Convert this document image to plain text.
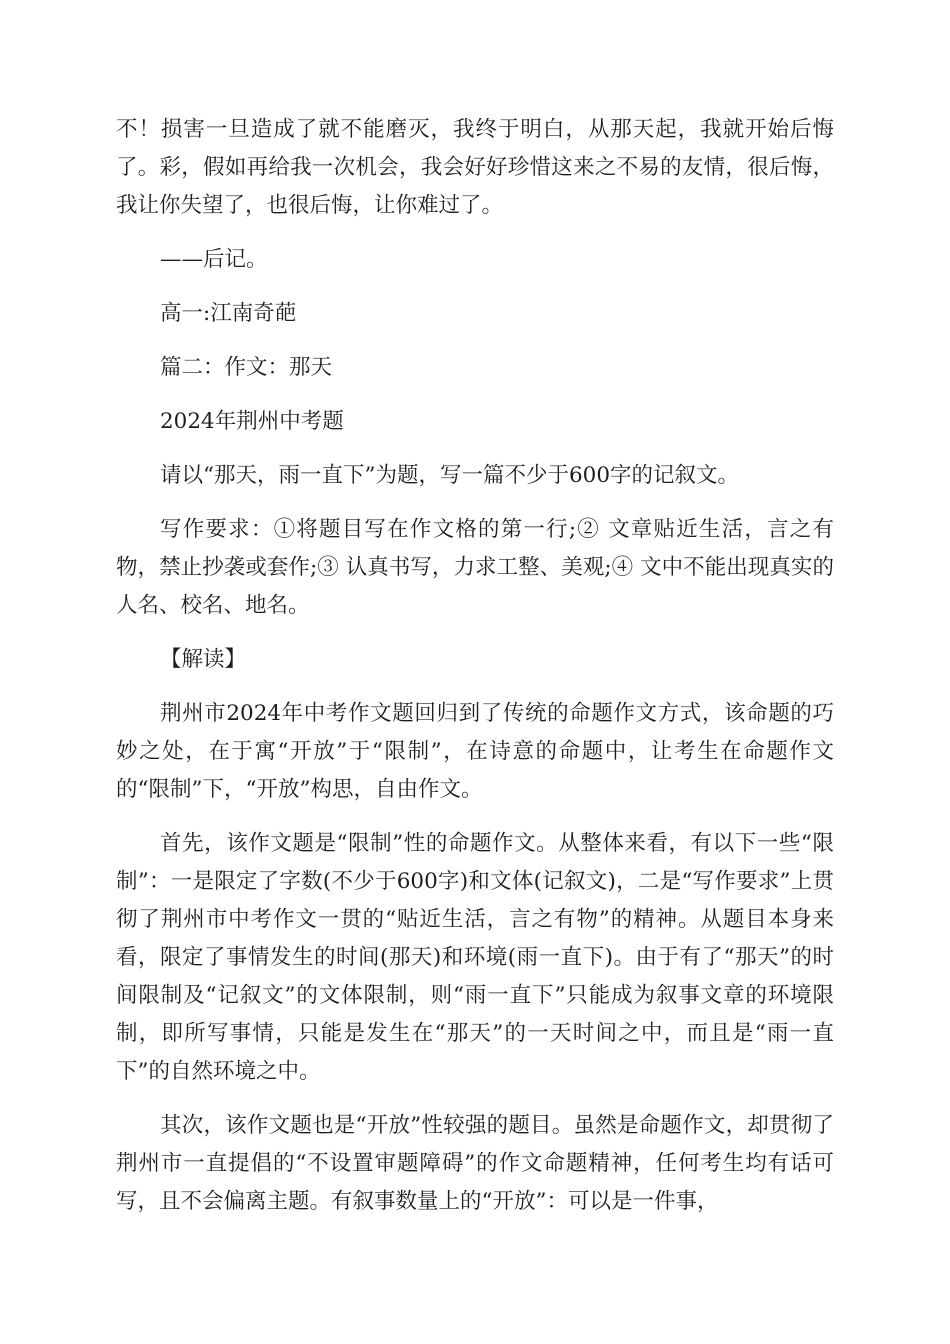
不！损害一旦造成了就不能磨灭，我终于明白，从那天起，我就开始后悔了。彩，假如再给我一次机会，我会好好珍惜这来之不易的友情，很后悔，我让你失望了，也很后悔，让你难过了。

——后记。

高一:江南奇葩

篇二：作文：那天

2024年荆州中考题

请以“那天，雨一直下”为题，写一篇不少于600字的记叙文。

写作要求：①将题目写在作文格的第一行;② 文章贴近生活，言之有物，禁止抄袭或套作;③ 认真书写，力求工整、美观;④ 文中不能出现真实的人名、校名、地名。

【解读】

荆州市2024年中考作文题回归到了传统的命题作文方式，该命题的巧妙之处，在于寓“开放”于“限制”，在诗意的命题中，让考生在命题作文的“限制”下，“开放”构思，自由作文。

首先，该作文题是“限制”性的命题作文。从整体来看，有以下一些“限制”：一是限定了字数(不少于600字)和文体(记叙文)，二是“写作要求”上贯彻了荆州市中考作文一贯的“贴近生活，言之有物”的精神。从题目本身来看，限定了事情发生的时间(那天)和环境(雨一直下)。由于有了“那天”的时间限制及“记叙文”的文体限制，则“雨一直下”只能成为叙事文章的环境限制，即所写事情，只能是发生在“那天”的一天时间之中，而且是“雨一直下”的自然环境之中。

其次，该作文题也是“开放”性较强的题目。虽然是命题作文，却贯彻了荆州市一直提倡的“不设置审题障碍”的作文命题精神，任何考生均有话可写，且不会偏离主题。有叙事数量上的“开放”：可以是一件事，
